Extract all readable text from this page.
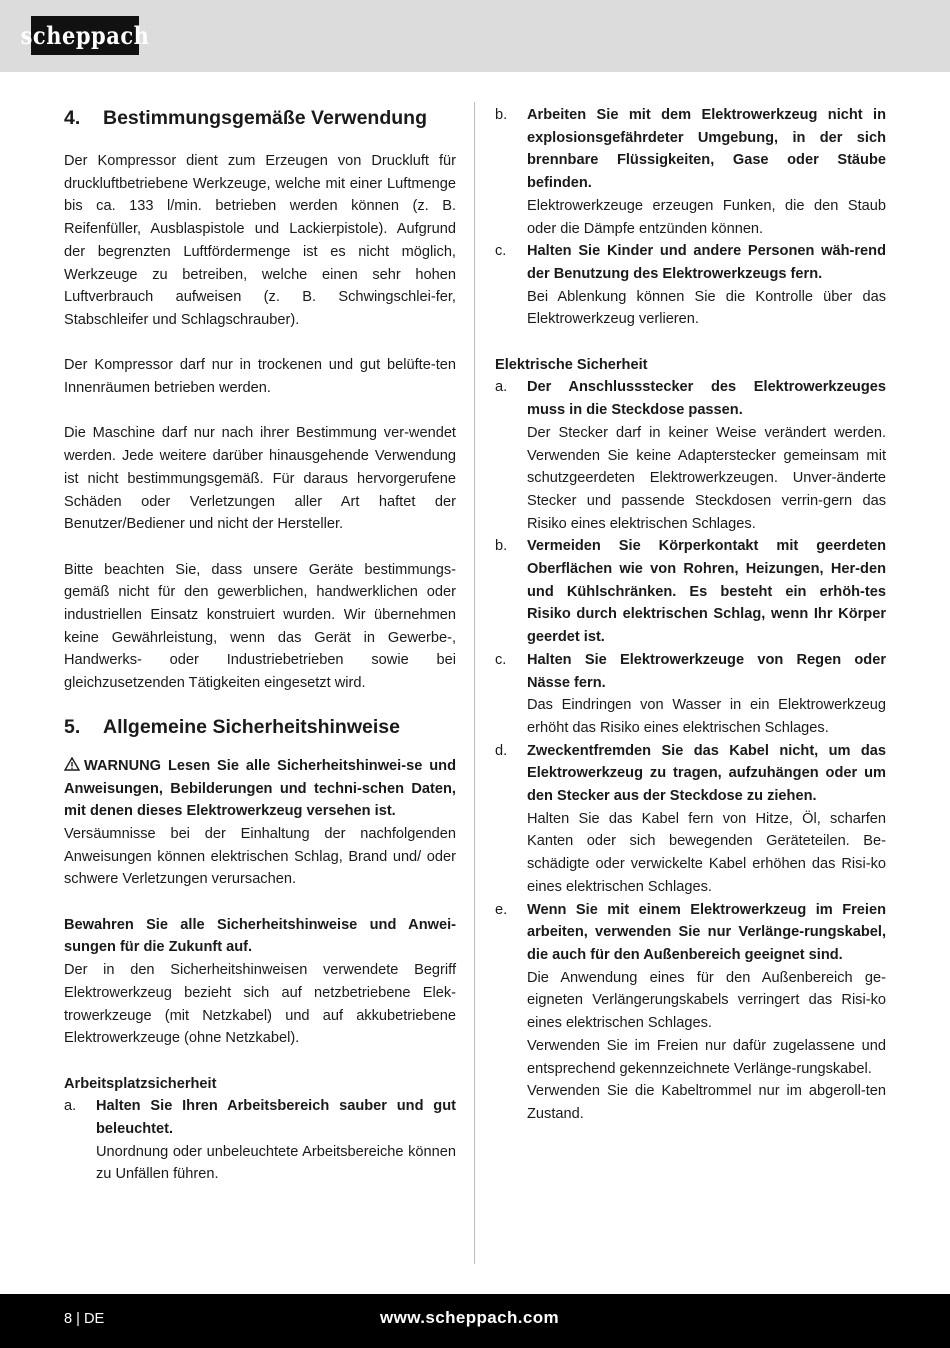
scheppach
4.	Bestimmungsgemäße Verwendung

Der Kompressor dient zum Erzeugen von Druckluft für druckluftbetriebene Werkzeuge, welche mit einer Luftmenge bis ca. 133 l/min. betrieben werden können (z. B. Reifenfüller, Ausblaspistole und Lackierpistole). Aufgrund der begrenzten Luftfördermenge ist es nicht möglich, Werkzeuge zu betreiben, welche einen sehr hohen Luftverbrauch aufweisen (z. B. Schwingschlei-fer, Stabschleifer und Schlagschrauber).

Der Kompressor darf nur in trockenen und gut belüfte-ten Innenräumen betrieben werden.

Die Maschine darf nur nach ihrer Bestimmung ver-wendet werden. Jede weitere darüber hinausgehende Verwendung ist nicht bestimmungsgemäß. Für daraus hervorgerufene Schäden oder Verletzungen aller Art haftet der Benutzer/Bediener und nicht der Hersteller.

Bitte beachten Sie, dass unsere Geräte bestimmungs-gemäß nicht für den gewerblichen, handwerklichen oder industriellen Einsatz konstruiert wurden. Wir übernehmen keine Gewährleistung, wenn das Gerät in Gewerbe-, Handwerks- oder Industriebetrieben sowie bei gleichzusetzenden Tätigkeiten eingesetzt wird.

5.	Allgemeine Sicherheitshinweise

WARNUNG Lesen Sie alle Sicherheitshinwei-se und Anweisungen, Bebilderungen und techni-schen Daten, mit denen dieses Elektrowerkzeug versehen ist.

Versäumnisse bei der Einhaltung der nachfolgenden Anweisungen können elektrischen Schlag, Brand und/ oder schwere Verletzungen verursachen.

Bewahren Sie alle Sicherheitshinweise und Anwei-sungen für die Zukunft auf.

Der in den Sicherheitshinweisen verwendete Begriff Elektrowerkzeug bezieht sich auf netzbetriebene Elek-trowerkzeuge (mit Netzkabel) und auf akkubetriebene Elektrowerkzeuge (ohne Netzkabel).

Arbeitsplatzsicherheit

a.	Halten Sie Ihren Arbeitsbereich sauber und gut beleuchtet.

Unordnung oder unbeleuchtete Arbeitsbereiche können zu Unfällen führen.

b.	Arbeiten Sie mit dem Elektrowerkzeug nicht in explosionsgefährdeter Umgebung, in der sich brennbare Flüssigkeiten, Gase oder Stäube befinden.

Elektrowerkzeuge erzeugen Funken, die den Staub oder die Dämpfe entzünden können.

c.	Halten Sie Kinder und andere Personen wäh-rend der Benutzung des Elektrowerkzeugs fern.

Bei Ablenkung können Sie die Kontrolle über das Elektrowerkzeug verlieren.

Elektrische Sicherheit

a.	Der Anschlussstecker des Elektrowerkzeuges muss in die Steckdose passen.

Der Stecker darf in keiner Weise verändert werden. Verwenden Sie keine Adapterstecker gemeinsam mit schutzgeerdeten Elektrowerkzeugen. Unver-änderte Stecker und passende Steckdosen verrin-gern das Risiko eines elektrischen Schlages.

b.	Vermeiden Sie Körperkontakt mit geerdeten Oberflächen wie von Rohren, Heizungen, Her-den und Kühlschränken. Es besteht ein erhöh-tes Risiko durch elektrischen Schlag, wenn Ihr Körper geerdet ist.

c.	Halten Sie Elektrowerkzeuge von Regen oder Nässe fern.

Das Eindringen von Wasser in ein Elektrowerkzeug erhöht das Risiko eines elektrischen Schlages.

d.	Zweckentfremden Sie das Kabel nicht, um das Elektrowerkzeug zu tragen, aufzuhängen oder um den Stecker aus der Steckdose zu ziehen.

Halten Sie das Kabel fern von Hitze, Öl, scharfen Kanten oder sich bewegenden Geräteteilen. Be-schädigte oder verwickelte Kabel erhöhen das Risi-ko eines elektrischen Schlages.

e.	Wenn Sie mit einem Elektrowerkzeug im Freien arbeiten, verwenden Sie nur Verlänge-rungskabel, die auch für den Außenbereich geeignet sind.

Die Anwendung eines für den Außenbereich ge-eigneten Verlängerungskabels verringert das Risi-ko eines elektrischen Schlages.

Verwenden Sie im Freien nur dafür zugelassene und entsprechend gekennzeichnete Verlänge-rungskabel.

Verwenden Sie die Kabeltrommel nur im abgeroll-ten Zustand.

8 | DE	www.scheppach.com
